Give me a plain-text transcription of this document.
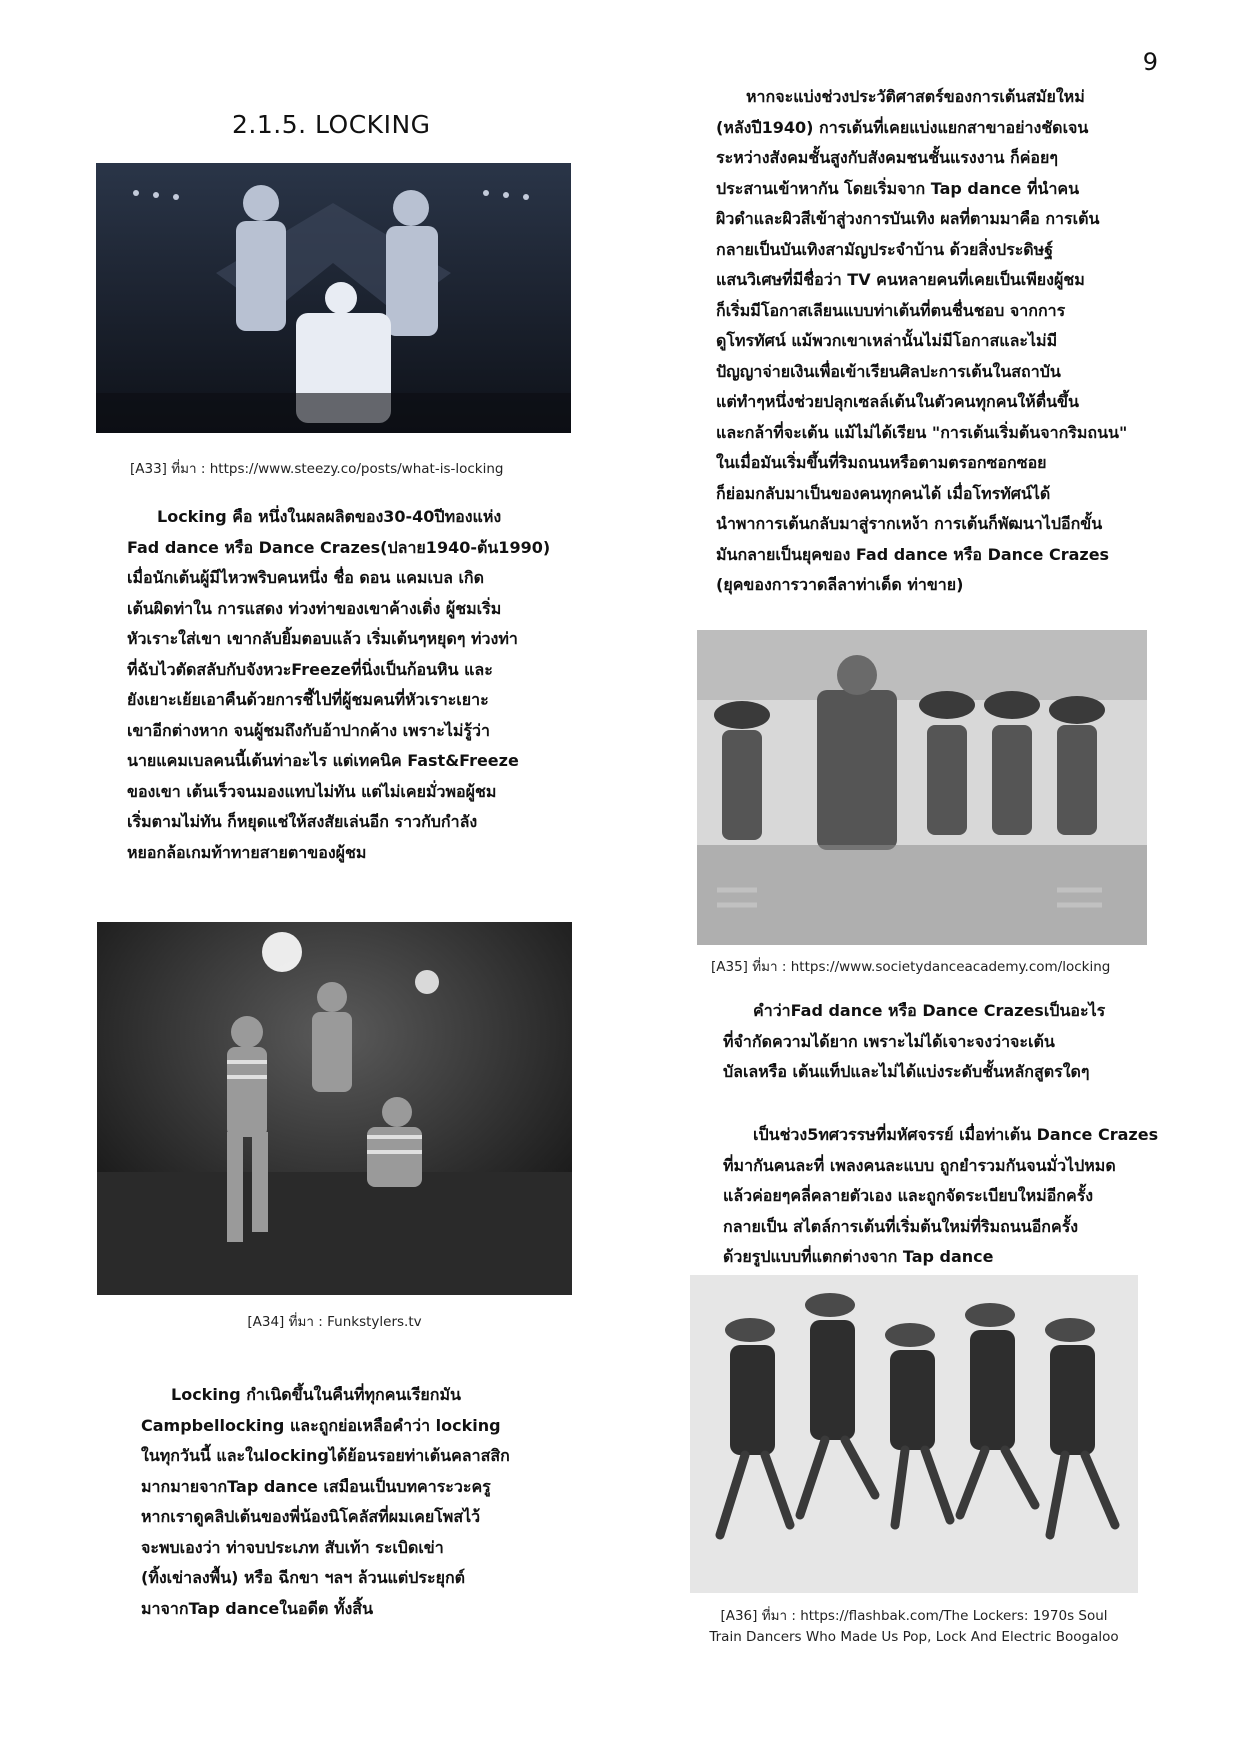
9
2.1.5. LOCKING
[A33] ที่มา : https://www.steezy.co/posts/what-is-locking

Locking คือ หนึ่งในผลผลิตของ30-40ปีทองแห่ง

Fad dance หรือ Dance Crazes(ปลาย1940-ต้น1990)

เมื่อนักเต้นผู้มีไหวพริบคนหนึ่ง ชื่อ ดอน แคมเบล เกิด

เต้นผิดท่าใน การแสดง ท่วงท่าของเขาค้างเติ่ง ผู้ชมเริ่ม

หัวเราะใส่เขา เขากลับยิ้มตอบแล้ว เริ่มเต้นๆหยุดๆ ท่วงท่า

ที่ฉับไวตัดสลับกับจังหวะFreezeที่นิ่งเป็นก้อนหิน และ

ยังเยาะเย้ยเอาคืนด้วยการชี้ไปที่ผู้ชมคนที่หัวเราะเยาะ

เขาอีกต่างหาก จนผู้ชมถึงกับอ้าปากค้าง เพราะไม่รู้ว่า

นายแคมเบลคนนี้เต้นท่าอะไร แต่เทคนิค Fast&Freeze

ของเขา เต้นเร็วจนมองแทบไม่ทัน แต่ไม่เคยมั่วพอผู้ชม

เริ่มตามไม่ทัน ก็หยุดแช่ให้สงสัยเล่นอีก ราวกับกำลัง

หยอกล้อเกมท้าทายสายตาของผู้ชม

[A34] ที่มา : Funkstylers.tv

Locking กำเนิดขึ้นในคืนที่ทุกคนเรียกมัน

Campbellocking และถูกย่อเหลือคำว่า locking

ในทุกวันนี้ และในlockingได้ย้อนรอยท่าเต้นคลาสสิก

มากมายจากTap dance เสมือนเป็นบทคาระวะครู

หากเราดูคลิปเต้นของพี่น้องนิโคลัสที่ผมเคยโพสไว้

จะพบเองว่า ท่าจบประเภท สับเท้า ระเบิดเข่า

(ทิ้งเข่าลงพื้น) หรือ ฉีกขา ฯลฯ ล้วนแต่ประยุกต์

มาจากTap danceในอดีต ทั้งสิ้น

หากจะแบ่งช่วงประวัติศาสตร์ของการเต้นสมัยใหม่

(หลังปี1940) การเต้นที่เคยแบ่งแยกสาขาอย่างชัดเจน

ระหว่างสังคมชั้นสูงกับสังคมชนชั้นแรงงาน ก็ค่อยๆ

ประสานเข้าหากัน โดยเริ่มจาก Tap dance ที่นำคน

ผิวดำและผิวสีเข้าสู่วงการบันเทิง ผลที่ตามมาคือ การเต้น

กลายเป็นบันเทิงสามัญประจำบ้าน ด้วยสิ่งประดิษฐ์

แสนวิเศษที่มีชื่อว่า TV คนหลายคนที่เคยเป็นเพียงผู้ชม

ก็เริ่มมีโอกาสเลียนแบบท่าเต้นที่ตนชื่นชอบ จากการ

ดูโทรทัศน์ แม้พวกเขาเหล่านั้นไม่มีโอกาสและไม่มี

ปัญญาจ่ายเงินเพื่อเข้าเรียนศิลปะการเต้นในสถาบัน

แต่ทำๆหนึ่งช่วยปลุกเซลล์เต้นในตัวคนทุกคนให้ตื่นขึ้น

และกล้าที่จะเต้น แม้ไม่ได้เรียน "การเต้นเริ่มต้นจากริมถนน"

ในเมื่อมันเริ่มขึ้นที่ริมถนนหรือตามตรอกซอกซอย

ก็ย่อมกลับมาเป็นของคนทุกคนได้ เมื่อโทรทัศน์ได้

นำพาการเต้นกลับมาสู่รากเหง้า การเต้นก็พัฒนาไปอีกขั้น

มันกลายเป็นยุคของ Fad dance หรือ Dance Crazes

(ยุคของการวาดลีลาท่าเด็ด ท่าขาย)

[A35] ที่มา : https://www.societydanceacademy.com/locking

คำว่าFad dance หรือ Dance Crazesเป็นอะไร

ที่จำกัดความได้ยาก เพราะไม่ได้เจาะจงว่าจะเต้น

บัลเลหรือ เต้นแท็ปและไม่ได้แบ่งระดับชั้นหลักสูตรใดๆ

เป็นช่วง5ทศวรรษที่มหัศจรรย์ เมื่อท่าเต้น Dance Crazes

ที่มากันคนละที่ เพลงคนละแบบ ถูกยำรวมกันจนมั่วไปหมด

แล้วค่อยๆคลี่คลายตัวเอง และถูกจัดระเบียบใหม่อีกครั้ง

กลายเป็น สไตล์การเต้นที่เริ่มต้นใหม่ที่ริมถนนอีกครั้ง

ด้วยรูปแบบที่แตกต่างจาก Tap dance

[A36] ที่มา : https://flashbak.com/The Lockers: 1970s Soul
Train Dancers Who Made Us Pop, Lock And Electric Boogaloo
